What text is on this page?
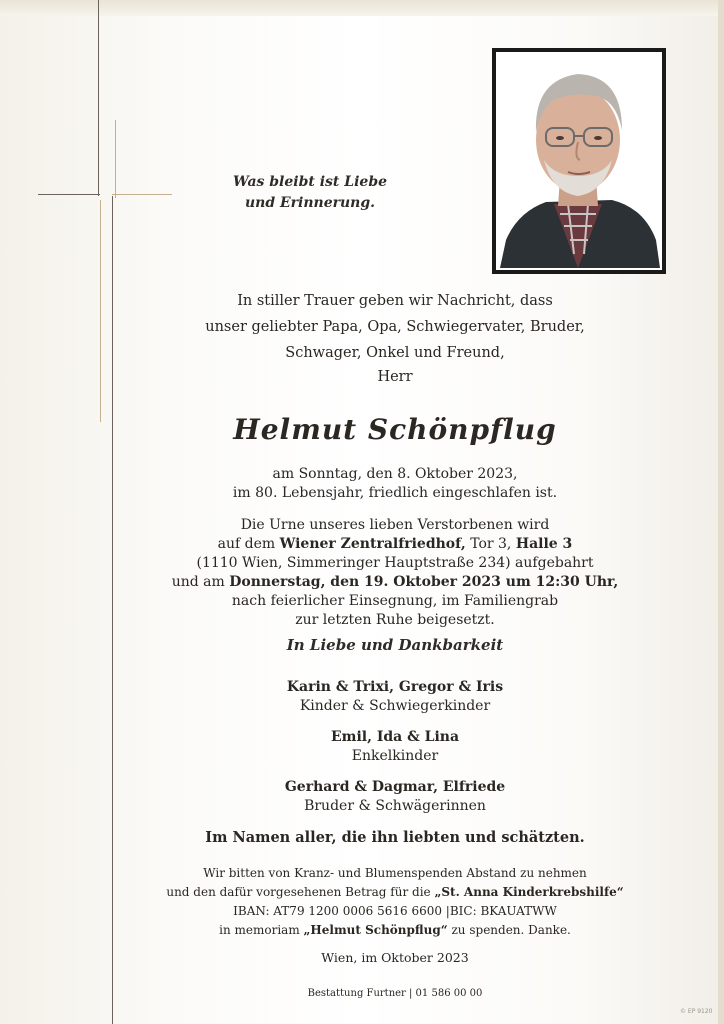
Was bleibt ist Liebe
und Erinnerung.
In stiller Trauer geben wir Nachricht, dass
unser geliebter Papa, Opa, Schwiegervater, Bruder,
Schwager, Onkel und Freund,
Herr
Helmut Schönpflug
am Sonntag, den 8. Oktober 2023,
im 80. Lebensjahr, friedlich eingeschlafen ist.
Die Urne unseres lieben Verstorbenen wird
auf dem Wiener Zentralfriedhof, Tor 3, Halle 3
(1110 Wien, Simmeringer Hauptstraße 234) aufgebahrt
und am Donnerstag, den 19. Oktober 2023 um 12:30 Uhr,
nach feierlicher Einsegnung, im Familiengrab
zur letzten Ruhe beigesetzt.
In Liebe und Dankbarkeit
Karin & Trixi, Gregor & Iris
Kinder & Schwiegerkinder
Emil, Ida & Lina
Enkelkinder
Gerhard & Dagmar, Elfriede
Bruder & Schwägerinnen
Im Namen aller, die ihn liebten und schätzten.
Wir bitten von Kranz- und Blumenspenden Abstand zu nehmen
und den dafür vorgesehenen Betrag für die „St. Anna Kinderkrebshilfe“
IBAN: AT79 1200 0006 5616 6600 |BIC: BKAUATWW
in memoriam „Helmut Schönpflug“ zu spenden. Danke.
Wien, im Oktober 2023
Bestattung Furtner | 01 586 00 00
© EP 9120
